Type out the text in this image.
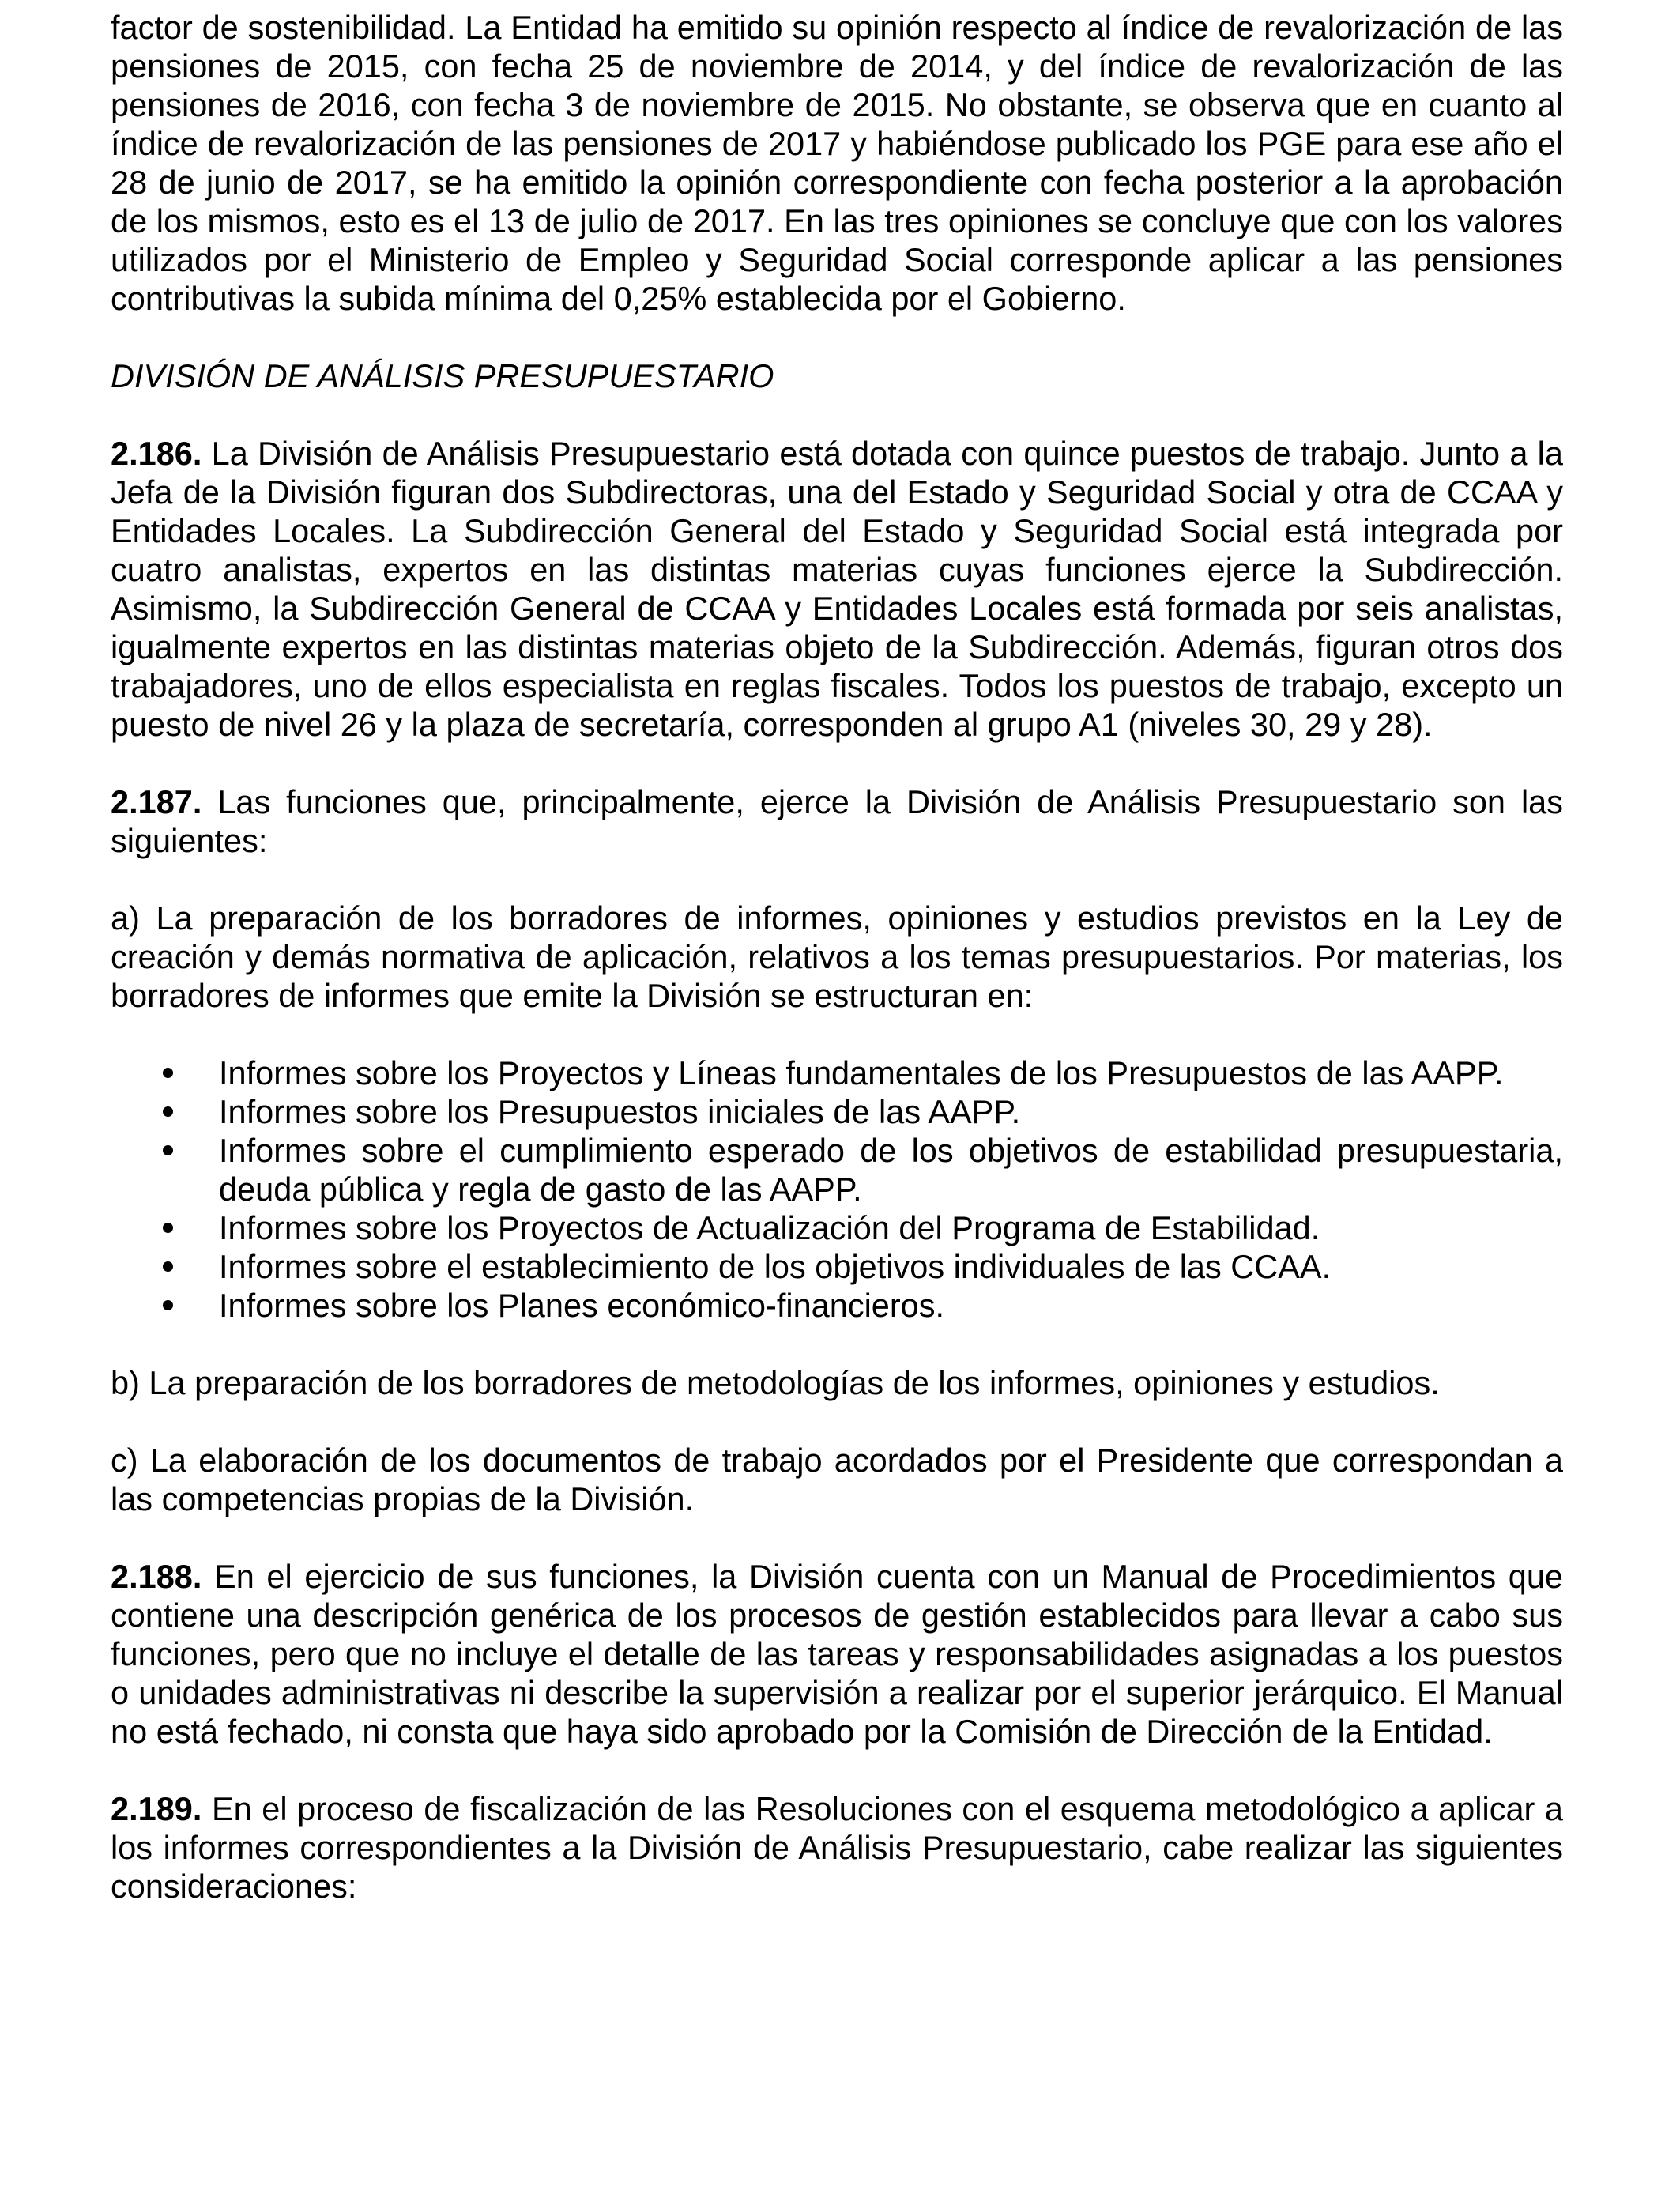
factor de sostenibilidad. La Entidad ha emitido su opinión respecto al índice de revalorización de las pensiones de 2015, con fecha 25 de noviembre de 2014, y del índice de revalorización de las pensiones de 2016, con fecha 3 de noviembre de 2015. No obstante, se observa que en cuanto al índice de revalorización de las pensiones de 2017 y habiéndose publicado los PGE para ese año el 28 de junio de 2017, se ha emitido la opinión correspondiente con fecha posterior a la aprobación de los mismos, esto es el 13 de julio de 2017. En las tres opiniones se concluye que con los valores utilizados por el Ministerio de Empleo y Seguridad Social corresponde aplicar a las pensiones contributivas la subida mínima del 0,25% establecida por el Gobierno.

DIVISIÓN DE ANÁLISIS PRESUPUESTARIO

2.186. La División de Análisis Presupuestario está dotada con quince puestos de trabajo. Junto a la Jefa de la División figuran dos Subdirectoras, una del Estado y Seguridad Social y otra de CCAA y Entidades Locales. La Subdirección General del Estado y Seguridad Social está integrada por cuatro analistas, expertos en las distintas materias cuyas funciones ejerce la Subdirección. Asimismo, la Subdirección General de CCAA y Entidades Locales está formada por seis analistas, igualmente expertos en las distintas materias objeto de la Subdirección. Además, figuran otros dos trabajadores, uno de ellos especialista en reglas fiscales. Todos los puestos de trabajo, excepto un puesto de nivel 26 y la plaza de secretaría, corresponden al grupo A1 (niveles 30, 29 y 28).

2.187. Las funciones que, principalmente, ejerce la División de Análisis Presupuestario son las siguientes:

a) La preparación de los borradores de informes, opiniones y estudios previstos en la Ley de creación y demás normativa de aplicación, relativos a los temas presupuestarios. Por materias, los borradores de informes que emite la División se estructuran en:

Informes sobre los Proyectos y Líneas fundamentales de los Presupuestos de las AAPP.
Informes sobre los Presupuestos iniciales de las AAPP.
Informes sobre el cumplimiento esperado de los objetivos de estabilidad presupuestaria, deuda pública y regla de gasto de las AAPP.
Informes sobre los Proyectos de Actualización del Programa de Estabilidad.
Informes sobre el establecimiento de los objetivos individuales de las CCAA.
Informes sobre los Planes económico-financieros.

b) La preparación de los borradores de metodologías de los informes, opiniones y estudios.

c) La elaboración de los documentos de trabajo acordados por el Presidente que correspondan a las competencias propias de la División.

2.188. En el ejercicio de sus funciones, la División cuenta con un Manual de Procedimientos que contiene una descripción genérica de los procesos de gestión establecidos para llevar a cabo sus funciones, pero que no incluye el detalle de las tareas y responsabilidades asignadas a los puestos o unidades administrativas ni describe la supervisión a realizar por el superior jerárquico. El Manual no está fechado, ni consta que haya sido aprobado por la Comisión de Dirección de la Entidad.

2.189. En el proceso de fiscalización de las Resoluciones con el esquema metodológico a aplicar a los informes correspondientes a la División de Análisis Presupuestario, cabe realizar las siguientes consideraciones:
